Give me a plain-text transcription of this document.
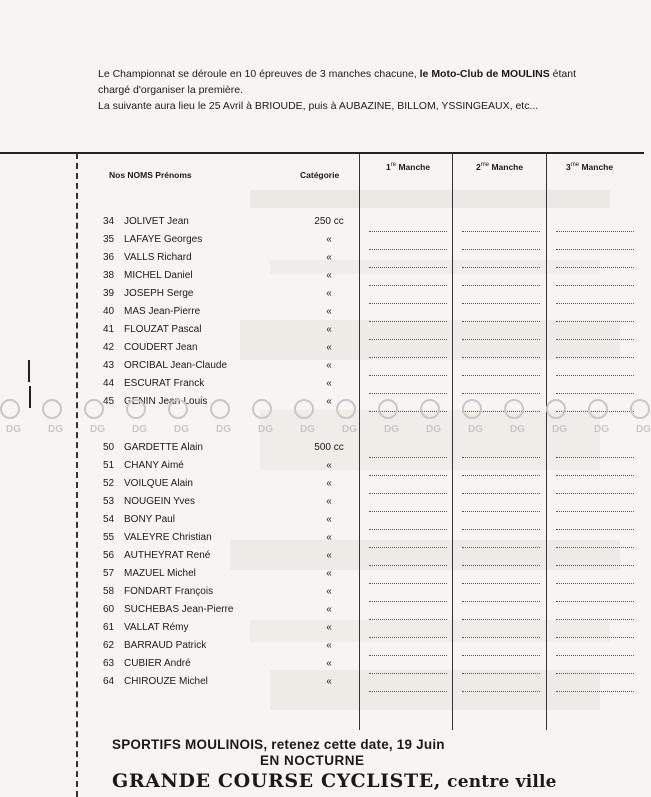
Le Championnat se déroule en 10 épreuves de 3 manches chacune, le Moto-Club de MOULINS étant

chargé d'organiser la première.

La suivante aura lieu le 25 Avril à BRIOUDE, puis à AUBAZINE, BILLOM, YSSINGEAUX, etc...

Nos NOMS Prénoms	Catégorie
1re Manche	$2^{me}$ Manche	$3^{me}$ Manche
34 JOLIVET Jean	250 cc
35 LAFAYE Georges	«
36 VALLS Richard	«
38 MICHEL Daniel	«
39 JOSEPH Serge	«
40 MAS Jean-Pierre	«
41 FLOUZAT Pascal	«
42 COUDERT Jean	«
43 ORCIBAL Jean-Claude	«
44 ESCURAT Franck	«
45 GENIN Jean-Louis	«
50 GARDETTE Alain	500 cc
51 CHANY Aimé	«
52 VOILQUE Alain	«
53 NOUGEIN Yves	«
54 BONY Paul	«
55 VALEYRE Christian	«
56 AUTHEYRAT René	«
57 MAZUEL Michel	«
58 FONDART François	«
60 SUCHEBAS Jean-Pierre	«
61 VALLAT Rémy	«
62 BARRAUD Patrick	«
63 CUBIER André	«
64 CHIROUZE Michel	«
DG	DG	DG	DG	DG	DG	DG	DG	DG	DG	DG	DG	DG	DG	DG	DG
SPORTIFS MOULINOIS, retenez cette date, 19 Juin
EN NOCTURNE
GRANDE COURSE CYCLISTE, centre ville
